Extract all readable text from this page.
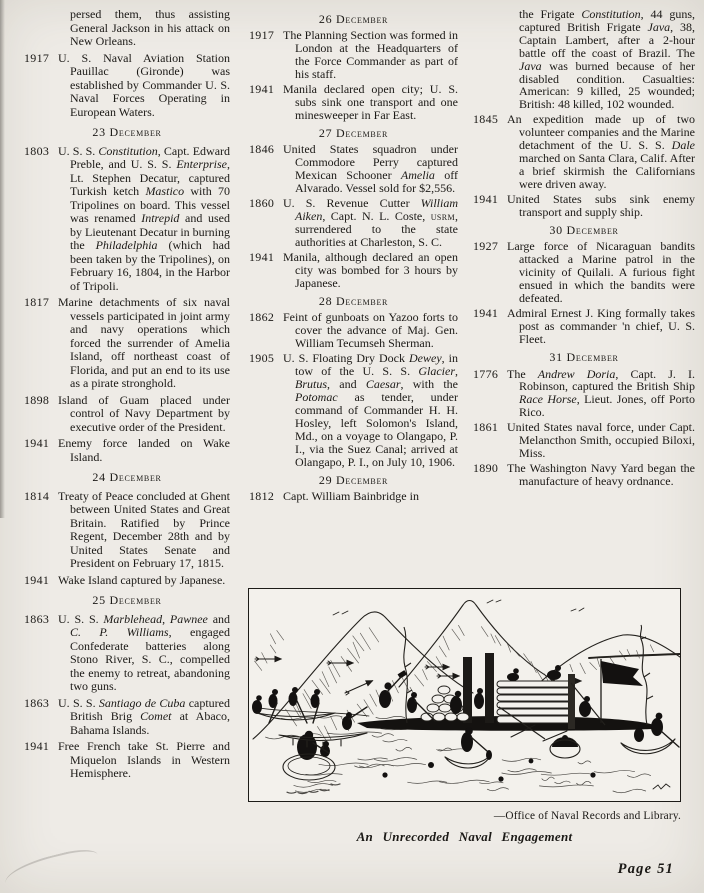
persed them, thus assisting General Jackson in his attack on New Orleans.
1917 U. S. Naval Aviation Station Pauillac (Gironde) was established by Commander U. S. Naval Forces Operating in European Waters.
23 December
1803 U. S. S. Constitution, Capt. Edward Preble, and U. S. S. Enterprise, Lt. Stephen Decatur, captured Turkish ketch Mastico with 70 Tripolines on board. This vessel was renamed Intrepid and used by Lieutenant Decatur in burning the Philadelphia (which had been taken by the Tripolines), on February 16, 1804, in the Harbor of Tripoli.
1817 Marine detachments of six naval vessels participated in joint army and navy operations which forced the surrender of Amelia Island, off northeast coast of Florida, and put an end to its use as a pirate stronghold.
1898 Island of Guam placed under control of Navy Department by executive order of the President.
1941 Enemy force landed on Wake Island.
24 December
1814 Treaty of Peace concluded at Ghent between United States and Great Britain. Ratified by Prince Regent, December 28th and by United States Senate and President on February 17, 1815.
1941 Wake Island captured by Japanese.
25 December
1863 U. S. S. Marblehead, Pawnee and C. P. Williams, engaged Confederate batteries along Stono River, S. C., compelled the enemy to retreat, abandoning two guns.
1863 U. S. S. Santiago de Cuba captured British Brig Comet at Abaco, Bahama Islands.
1941 Free French take St. Pierre and Miquelon Islands in Western Hemisphere.
26 December
1917 The Planning Section was formed in London at the Headquarters of the Force Commander as part of his staff.
1941 Manila declared open city; U. S. subs sink one transport and one minesweeper in Far East.
27 December
1846 United States squadron under Commodore Perry captured Mexican Schooner Amelia off Alvarado. Vessel sold for $2,556.
1860 U. S. Revenue Cutter William Aiken, Capt. N. L. Coste, usrm, surrendered to the state authorities at Charleston, S. C.
1941 Manila, although declared an open city was bombed for 3 hours by Japanese.
28 December
1862 Feint of gunboats on Yazoo forts to cover the advance of Maj. Gen. William Tecumseh Sherman.
1905 U. S. Floating Dry Dock Dewey, in tow of the U. S. S. Glacier, Brutus, and Caesar, with the Potomac as tender, under command of Commander H. H. Hosley, left Solomon's Island, Md., on a voyage to Olangapo, P. I., via the Suez Canal; arrived at Olangapo, P. I., on July 10, 1906.
29 December
1812 Capt. William Bainbridge in
the Frigate Constitution, 44 guns, captured British Frigate Java, 38, Captain Lambert, after a 2-hour battle off the coast of Brazil. The Java was burned because of her disabled condition. Casualties: American: 9 killed, 25 wounded; British: 48 killed, 102 wounded.
1845 An expedition made up of two volunteer companies and the Marine detachment of the U. S. S. Dale marched on Santa Clara, Calif. After a brief skirmish the Californians were driven away.
1941 United States subs sink enemy transport and supply ship.
30 December
1927 Large force of Nicaraguan bandits attacked a Marine patrol in the vicinity of Quilali. A furious fight ensued in which the bandits were defeated.
1941 Admiral Ernest J. King formally takes post as commander 'n chief, U. S. Fleet.
31 December
1776 The Andrew Doria, Capt. J. I. Robinson, captured the British Ship Race Horse, Lieut. Jones, off Porto Rico.
1861 United States naval force, under Capt. Melancthon Smith, occupied Biloxi, Miss.
1890 The Washington Navy Yard began the manufacture of heavy ordnance.
—Office of Naval Records and Library.
An Unrecorded Naval Engagement
Page 51
